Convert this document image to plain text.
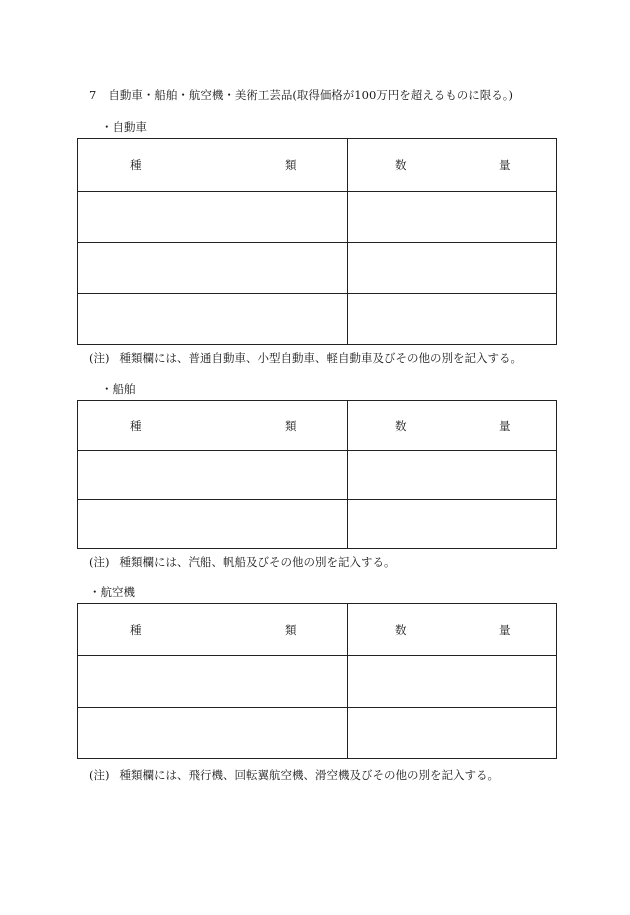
7 自動車・船舶・航空機・美術工芸品(取得価格が100万円を超えるものに限る。)
・自動車
種 類	数 量

(注) 種類欄には、普通自動車、小型自動車、軽自動車及びその他の別を記入する。
・船舶
種 類	数 量

(注) 種類欄には、汽船、帆船及びその他の別を記入する。
・航空機
種 類	数 量

(注) 種類欄には、飛行機、回転翼航空機、滑空機及びその他の別を記入する。
